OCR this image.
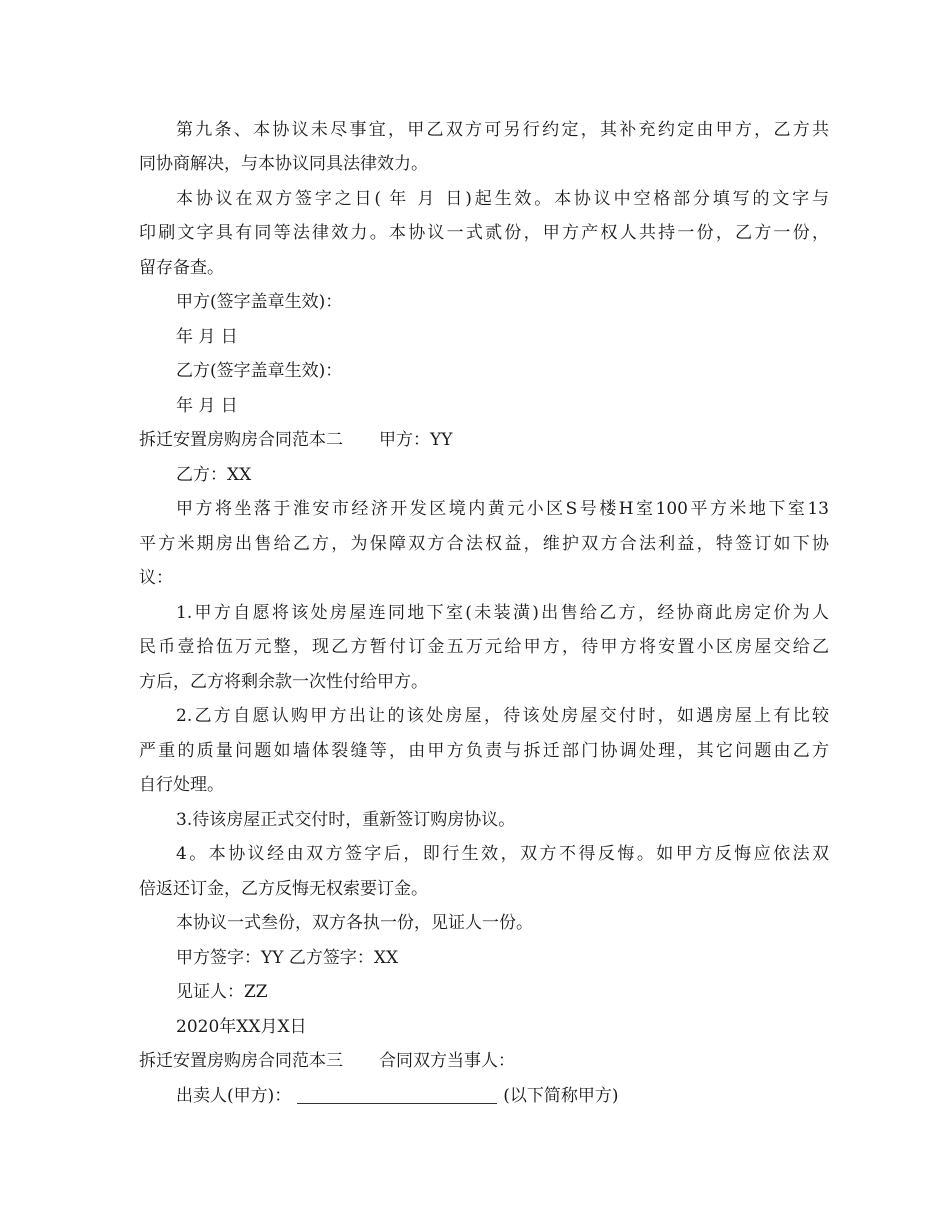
第九条、本协议未尽事宜，甲乙双方可另行约定，其补充约定由甲方，乙方共
同协商解决，与本协议同具法律效力。
本协议在双方签字之日( 年 月 日)起生效。本协议中空格部分填写的文字与
印刷文字具有同等法律效力。本协议一式贰份，甲方产权人共持一份，乙方一份，
留存备查。
甲方(签字盖章生效)：
年 月 日
乙方(签字盖章生效)：
年 月 日
拆迁安置房购房合同范本二 甲方：YY
乙方：XX
甲方将坐落于淮安市经济开发区境内黄元小区S号楼H室100平方米地下室13
平方米期房出售给乙方，为保障双方合法权益，维护双方合法利益，特签订如下协
议：
1.甲方自愿将该处房屋连同地下室(未装潢)出售给乙方，经协商此房定价为人
民币壹拾伍万元整，现乙方暂付订金五万元给甲方，待甲方将安置小区房屋交给乙
方后，乙方将剩余款一次性付给甲方。
2.乙方自愿认购甲方出让的该处房屋，待该处房屋交付时，如遇房屋上有比较
严重的质量问题如墙体裂缝等，由甲方负责与拆迁部门协调处理，其它问题由乙方
自行处理。
3.待该房屋正式交付时，重新签订购房协议。
4。本协议经由双方签字后，即行生效，双方不得反悔。如甲方反悔应依法双
倍返还订金，乙方反悔无权索要订金。
本协议一式叁份，双方各执一份，见证人一份。
甲方签字：YY 乙方签字：XX
见证人：ZZ
2020年XX月X日
拆迁安置房购房合同范本三 合同双方当事人：
出卖人(甲方)：	(以下简称甲方)
